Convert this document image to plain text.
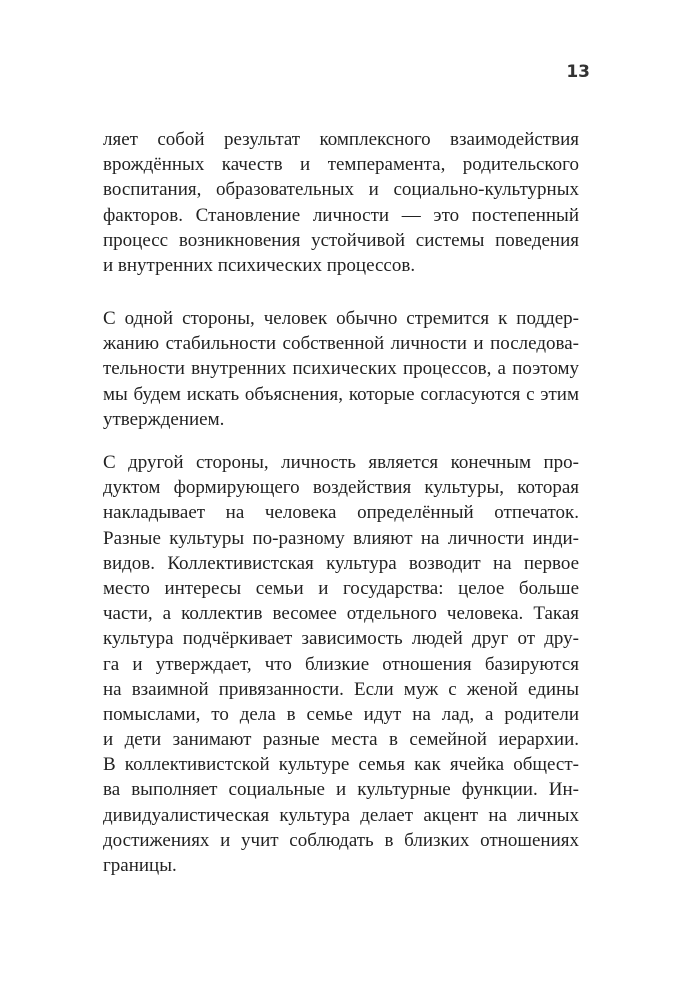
13
ляет собой результат комплексного взаимодействия
врождённых качеств и темперамента, родительского
воспитания, образовательных и социально-культурных
факторов. Становление личности — это постепенный
процесс возникновения устойчивой системы поведения
и внутренних психических процессов.
С одной стороны, человек обычно стремится к поддер-
жанию стабильности собственной личности и последова-
тельности внутренних психических процессов, а поэтому
мы будем искать объяснения, которые согласуются с этим
утверждением.
С другой стороны, личность является конечным про-
дуктом формирующего воздействия культуры, которая
накладывает на человека определённый отпечаток.
Разные культуры по-разному влияют на личности инди-
видов. Коллективистская культура возводит на первое
место интересы семьи и государства: целое больше
части, а коллектив весомее отдельного человека. Такая
культура подчёркивает зависимость людей друг от дру-
га и утверждает, что близкие отношения базируются
на взаимной привязанности. Если муж с женой едины
помыслами, то дела в семье идут на лад, а родители
и дети занимают разные места в семейной иерархии.
В коллективистской культуре семья как ячейка общест-
ва выполняет социальные и культурные функции. Ин-
дивидуалистическая культура делает акцент на личных
достижениях и учит соблюдать в близких отношениях
границы.
